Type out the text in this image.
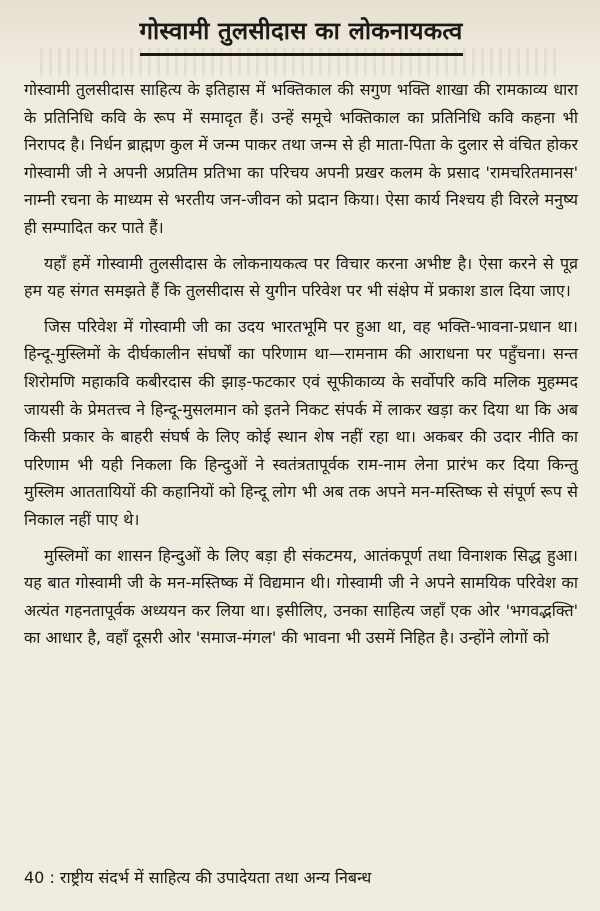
गोस्वामी तुलसीदास का लोकनायकत्व

गोस्वामी तुलसीदास साहित्य के इतिहास में भक्तिकाल की सगुण भक्ति शाखा की रामकाव्य धारा के प्रतिनिधि कवि के रूप में समादृत हैं। उन्हें समूचे भक्तिकाल का प्रतिनिधि कवि कहना भी निरापद है। निर्धन ब्राह्मण कुल में जन्म पाकर तथा जन्म से ही माता-पिता के दुलार से वंचित होकर गोस्वामी जी ने अपनी अप्रतिम प्रतिभा का परिचय अपनी प्रखर कलम के प्रसाद 'रामचरितमानस' नाम्नी रचना के माध्यम से भरतीय जन-जीवन को प्रदान किया। ऐसा कार्य निश्चय ही विरले मनुष्य ही सम्पादित कर पाते हैं।

यहाँ हमें गोस्वामी तुलसीदास के लोकनायकत्व पर विचार करना अभीष्ट है। ऐसा करने से पूव्र हम यह संगत समझते हैं कि तुलसीदास से युगीन परिवेश पर भी संक्षेप में प्रकाश डाल दिया जाए।

जिस परिवेश में गोस्वामी जी का उदय भारतभूमि पर हुआ था, वह भक्ति-भावना-प्रधान था। हिन्दू-मुस्लिमों के दीर्घकालीन संघर्षों का परिणाम था—रामनाम की आराधना पर पहुँचना। सन्त शिरोमणि महाकवि कबीरदास की झाड़-फटकार एवं सूफीकाव्य के सर्वोपरि कवि मलिक मुहम्मद जायसी के प्रेमतत्त्व ने हिन्दू-मुसलमान को इतने निकट संपर्क में लाकर खड़ा कर दिया था कि अब किसी प्रकार के बाहरी संघर्ष के लिए कोई स्थान शेष नहीं रहा था। अकबर की उदार नीति का परिणाम भी यही निकला कि हिन्दुओं ने स्वतंत्रतापूर्वक राम-नाम लेना प्रारंभ कर दिया किन्तु मुस्लिम आततायियों की कहानियों को हिन्दू लोग भी अब तक अपने मन-मस्तिष्क से संपूर्ण रूप से निकाल नहीं पाए थे।

मुस्लिमों का शासन हिन्दुओं के लिए बड़ा ही संकटमय, आतंकपूर्ण तथा विनाशक सिद्ध हुआ। यह बात गोस्वामी जी के मन-मस्तिष्क में विद्यमान थी। गोस्वामी जी ने अपने सामयिक परिवेश का अत्यंत गहनतापूर्वक अध्ययन कर लिया था। इसीलिए, उनका साहित्य जहाँ एक ओर 'भगवद्भक्ति' का आधार है, वहाँ दूसरी ओर 'समाज-मंगल' की भावना भी उसमें निहित है। उन्होंने लोगों को

40 : राष्ट्रीय संदर्भ में साहित्य की उपादेयता तथा अन्य निबन्ध
